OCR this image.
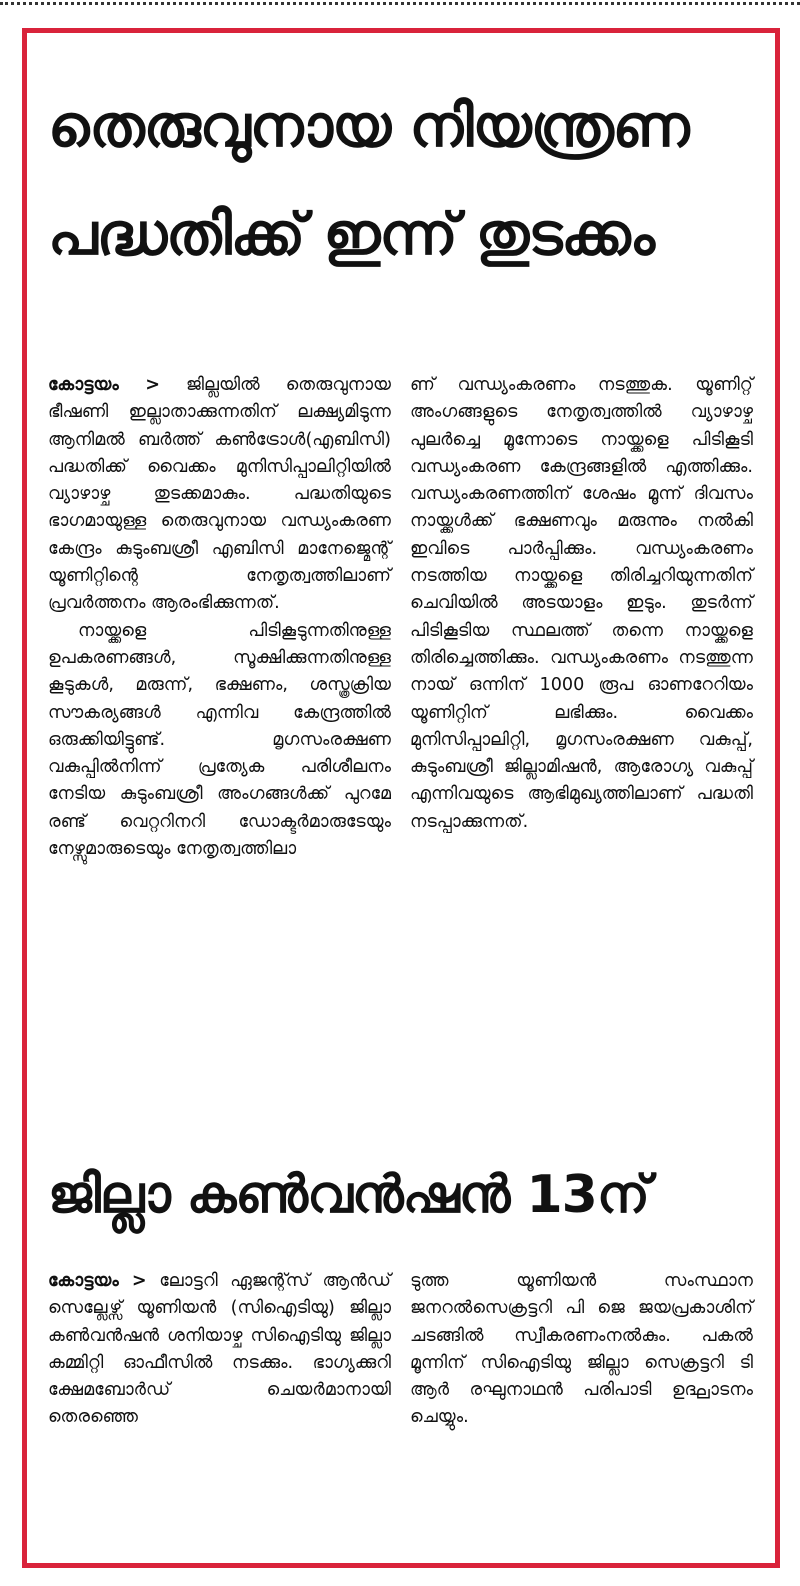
തെരുവുനായ നിയന്ത്രണ പദ്ധതിക്ക് ഇന്ന് തുടക്കം

കോട്ടയം > ജില്ലയിൽ തെരുവുനായ ഭീഷണി ഇല്ലാതാക്കുന്നതിന് ലക്ഷ്യമിടുന്ന ആനിമൽ ബർത്ത് കൺട്രോൾ(എബിസി) പദ്ധതിക്ക് വൈക്കം മുനിസിപ്പാലിറ്റിയിൽ വ്യാഴാഴ്ച തുടക്കമാകും. പദ്ധതിയുടെ ഭാഗമായുള്ള തെരുവുനായ വന്ധ്യംകരണ കേന്ദ്രം കുടുംബശ്രീ എബിസി മാനേജ്മെന്റ് യൂണിറ്റിന്റെ നേതൃത്വത്തിലാണ് പ്രവർത്തനം ആരംഭിക്കുന്നത്.

നായ്ക്കളെ പിടികൂടുന്നതിനുള്ള ഉപകരണങ്ങൾ, സൂക്ഷിക്കുന്നതിനുള്ള കൂടുകൾ, മരുന്ന്, ഭക്ഷണം, ശസ്ത്രക്രിയ സൗകര്യങ്ങൾ എന്നിവ കേന്ദ്രത്തിൽ ഒരുക്കിയിട്ടുണ്ട്. മൃഗസംരക്ഷണ വകുപ്പിൽനിന്ന് പ്രത്യേക പരിശീലനം നേടിയ കുടുംബശ്രീ അംഗങ്ങൾക്ക് പുറമേ രണ്ട് വെറ്ററിനറി ഡോക്ടർമാരുടേയും നേഴ്സുമാരുടെയും നേതൃത്വത്തിലാ

ണ് വന്ധ്യംകരണം നടത്തുക. യൂണിറ്റ് അംഗങ്ങളുടെ നേതൃത്വത്തിൽ വ്യാഴാഴ്ച പുലർച്ചെ മൂന്നോടെ നായ്ക്കളെ പിടികൂടി വന്ധ്യംകരണ കേന്ദ്രങ്ങളിൽ എത്തിക്കും. വന്ധ്യംകരണത്തിന് ശേഷം മൂന്ന് ദിവസം നായ്ക്കൾക്ക് ഭക്ഷണവും മരുന്നും നൽകി ഇവിടെ പാർപ്പിക്കും. വന്ധ്യംകരണം നടത്തിയ നായ്ക്കളെ തിരിച്ചറിയുന്നതിന് ചെവിയിൽ അടയാളം ഇടും. തുടർന്ന് പിടികൂടിയ സ്ഥലത്ത് തന്നെ നായ്ക്കളെ തിരിച്ചെത്തിക്കും. വന്ധ്യംകരണം നടത്തുന്ന നായ് ഒന്നിന് 1000 രൂപ ഓണറേറിയം യൂണിറ്റിന് ലഭിക്കും. വൈക്കം മുനിസിപ്പാലിറ്റി, മൃഗസംരക്ഷണ വകുപ്പ്, കുടുംബശ്രീ ജില്ലാമിഷൻ, ആരോഗ്യ വകുപ്പ് എന്നിവയുടെ ആഭിമുഖ്യത്തിലാണ് പദ്ധതി നടപ്പാക്കുന്നത്.

ജില്ലാ കൺവൻഷൻ 13ന്

കോട്ടയം > ലോട്ടറി ഏജന്റ്സ് ആൻഡ് സെല്ലേഴ്സ് യൂണിയൻ (സിഐടിയു) ജില്ലാ കൺവൻഷൻ ശനിയാഴ്ച സിഐടിയു ജില്ലാ കമ്മിറ്റി ഓഫീസിൽ നടക്കും. ഭാഗ്യക്കുറി ക്ഷേമബോർഡ് ചെയർമാനായി തെരഞ്ഞെ

ടുത്ത യൂണിയൻ സംസ്ഥാന ജനറൽസെക്രട്ടറി പി ജെ ജയപ്രകാശിന് ചടങ്ങിൽ സ്വീകരണംനൽകും. പകൽ മൂന്നിന് സിഐടിയു ജില്ലാ സെക്രട്ടറി ടി ആർ രഘുനാഥൻ പരിപാടി ഉദ്ഘാടനം ചെയ്യും.
